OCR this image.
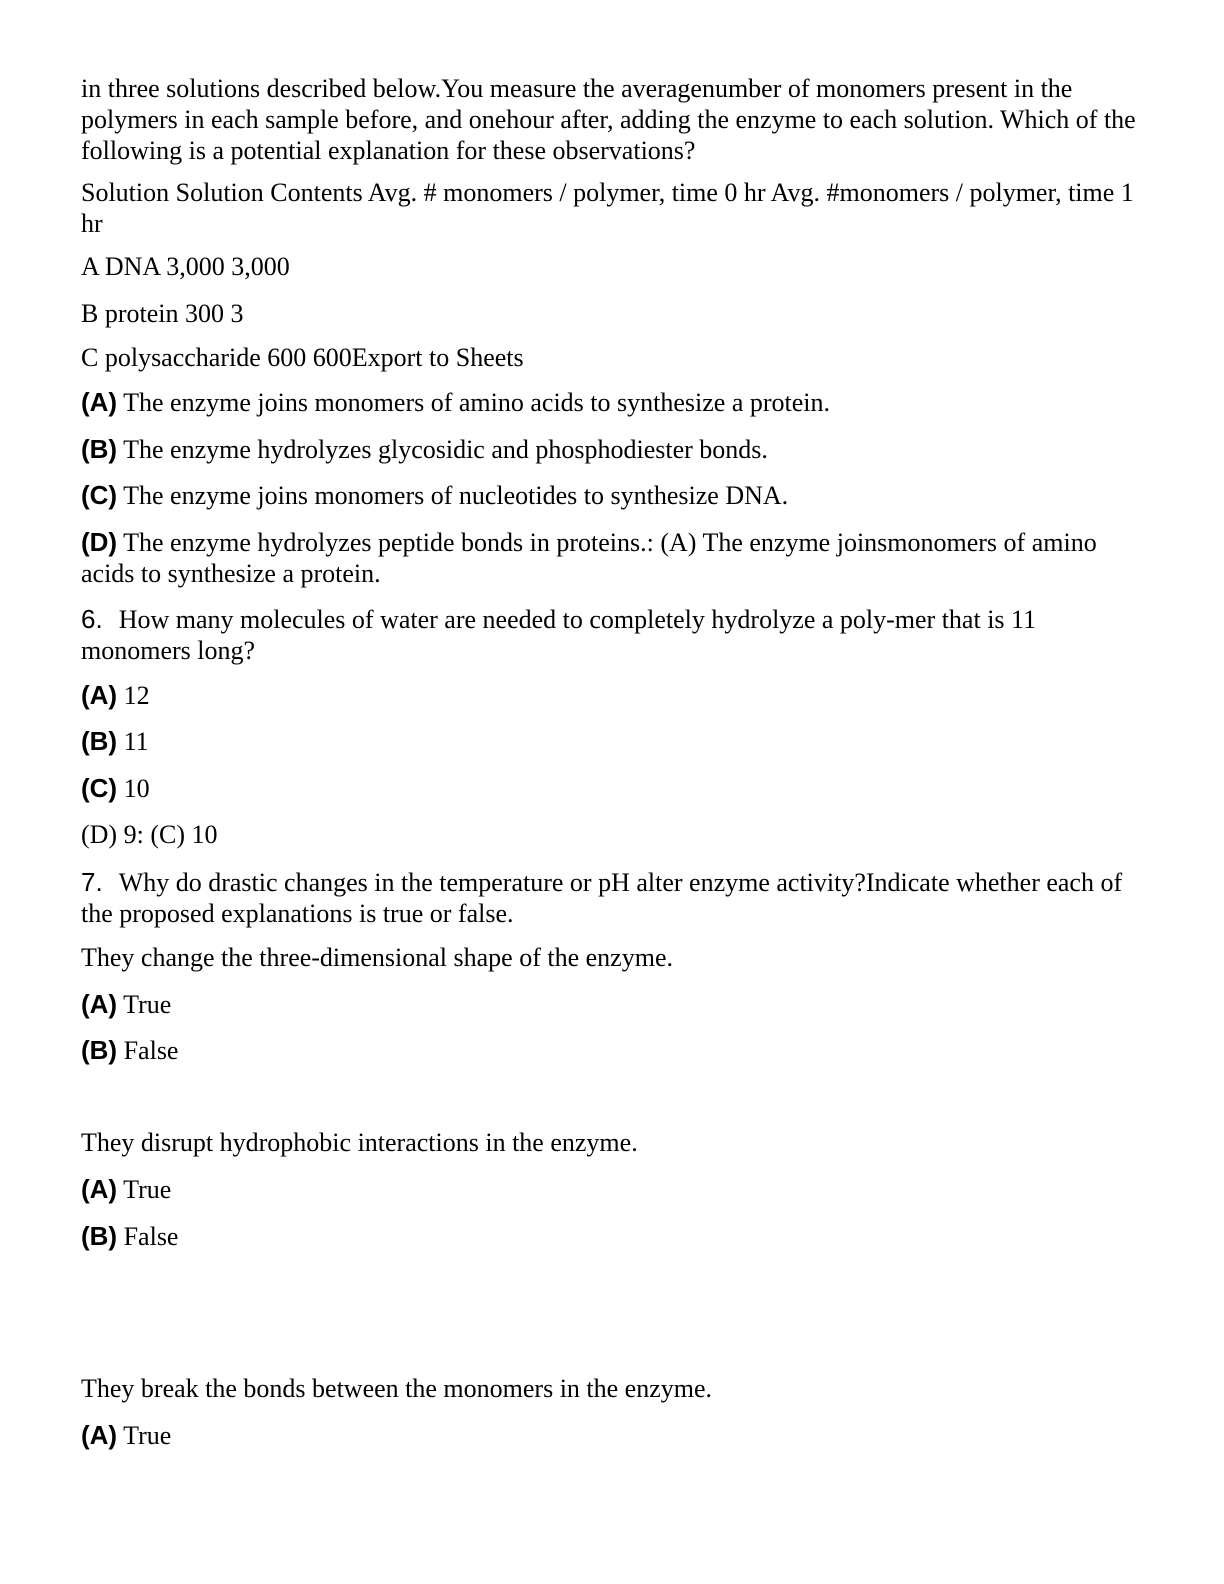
in three solutions described below.You measure the averagenumber of monomers present in the polymers in each sample before, and onehour after, adding the enzyme to each solution. Which of the following is a potential explanation for these observations?

Solution Solution Contents Avg. # monomers / polymer, time 0 hr Avg. #monomers / polymer, time 1 hr

A DNA 3,000 3,000

B protein 300 3

C polysaccharide 600 600Export to Sheets

(A) The enzyme joins monomers of amino acids to synthesize a protein.

(B) The enzyme hydrolyzes glycosidic and phosphodiester bonds.

(C) The enzyme joins monomers of nucleotides to synthesize DNA.

(D) The enzyme hydrolyzes peptide bonds in proteins.: (A) The enzyme joinsmonomers of amino acids to synthesize a protein.

6. How many molecules of water are needed to completely hydrolyze a poly-mer that is 11 monomers long?

(A) 12

(B) 11

(C) 10

(D) 9: (C) 10

7. Why do drastic changes in the temperature or pH alter enzyme activity?Indicate whether each of the proposed explanations is true or false.

They change the three-dimensional shape of the enzyme.

(A) True

(B) False

They disrupt hydrophobic interactions in the enzyme.

(A) True

(B) False

They break the bonds between the monomers in the enzyme.

(A) True
